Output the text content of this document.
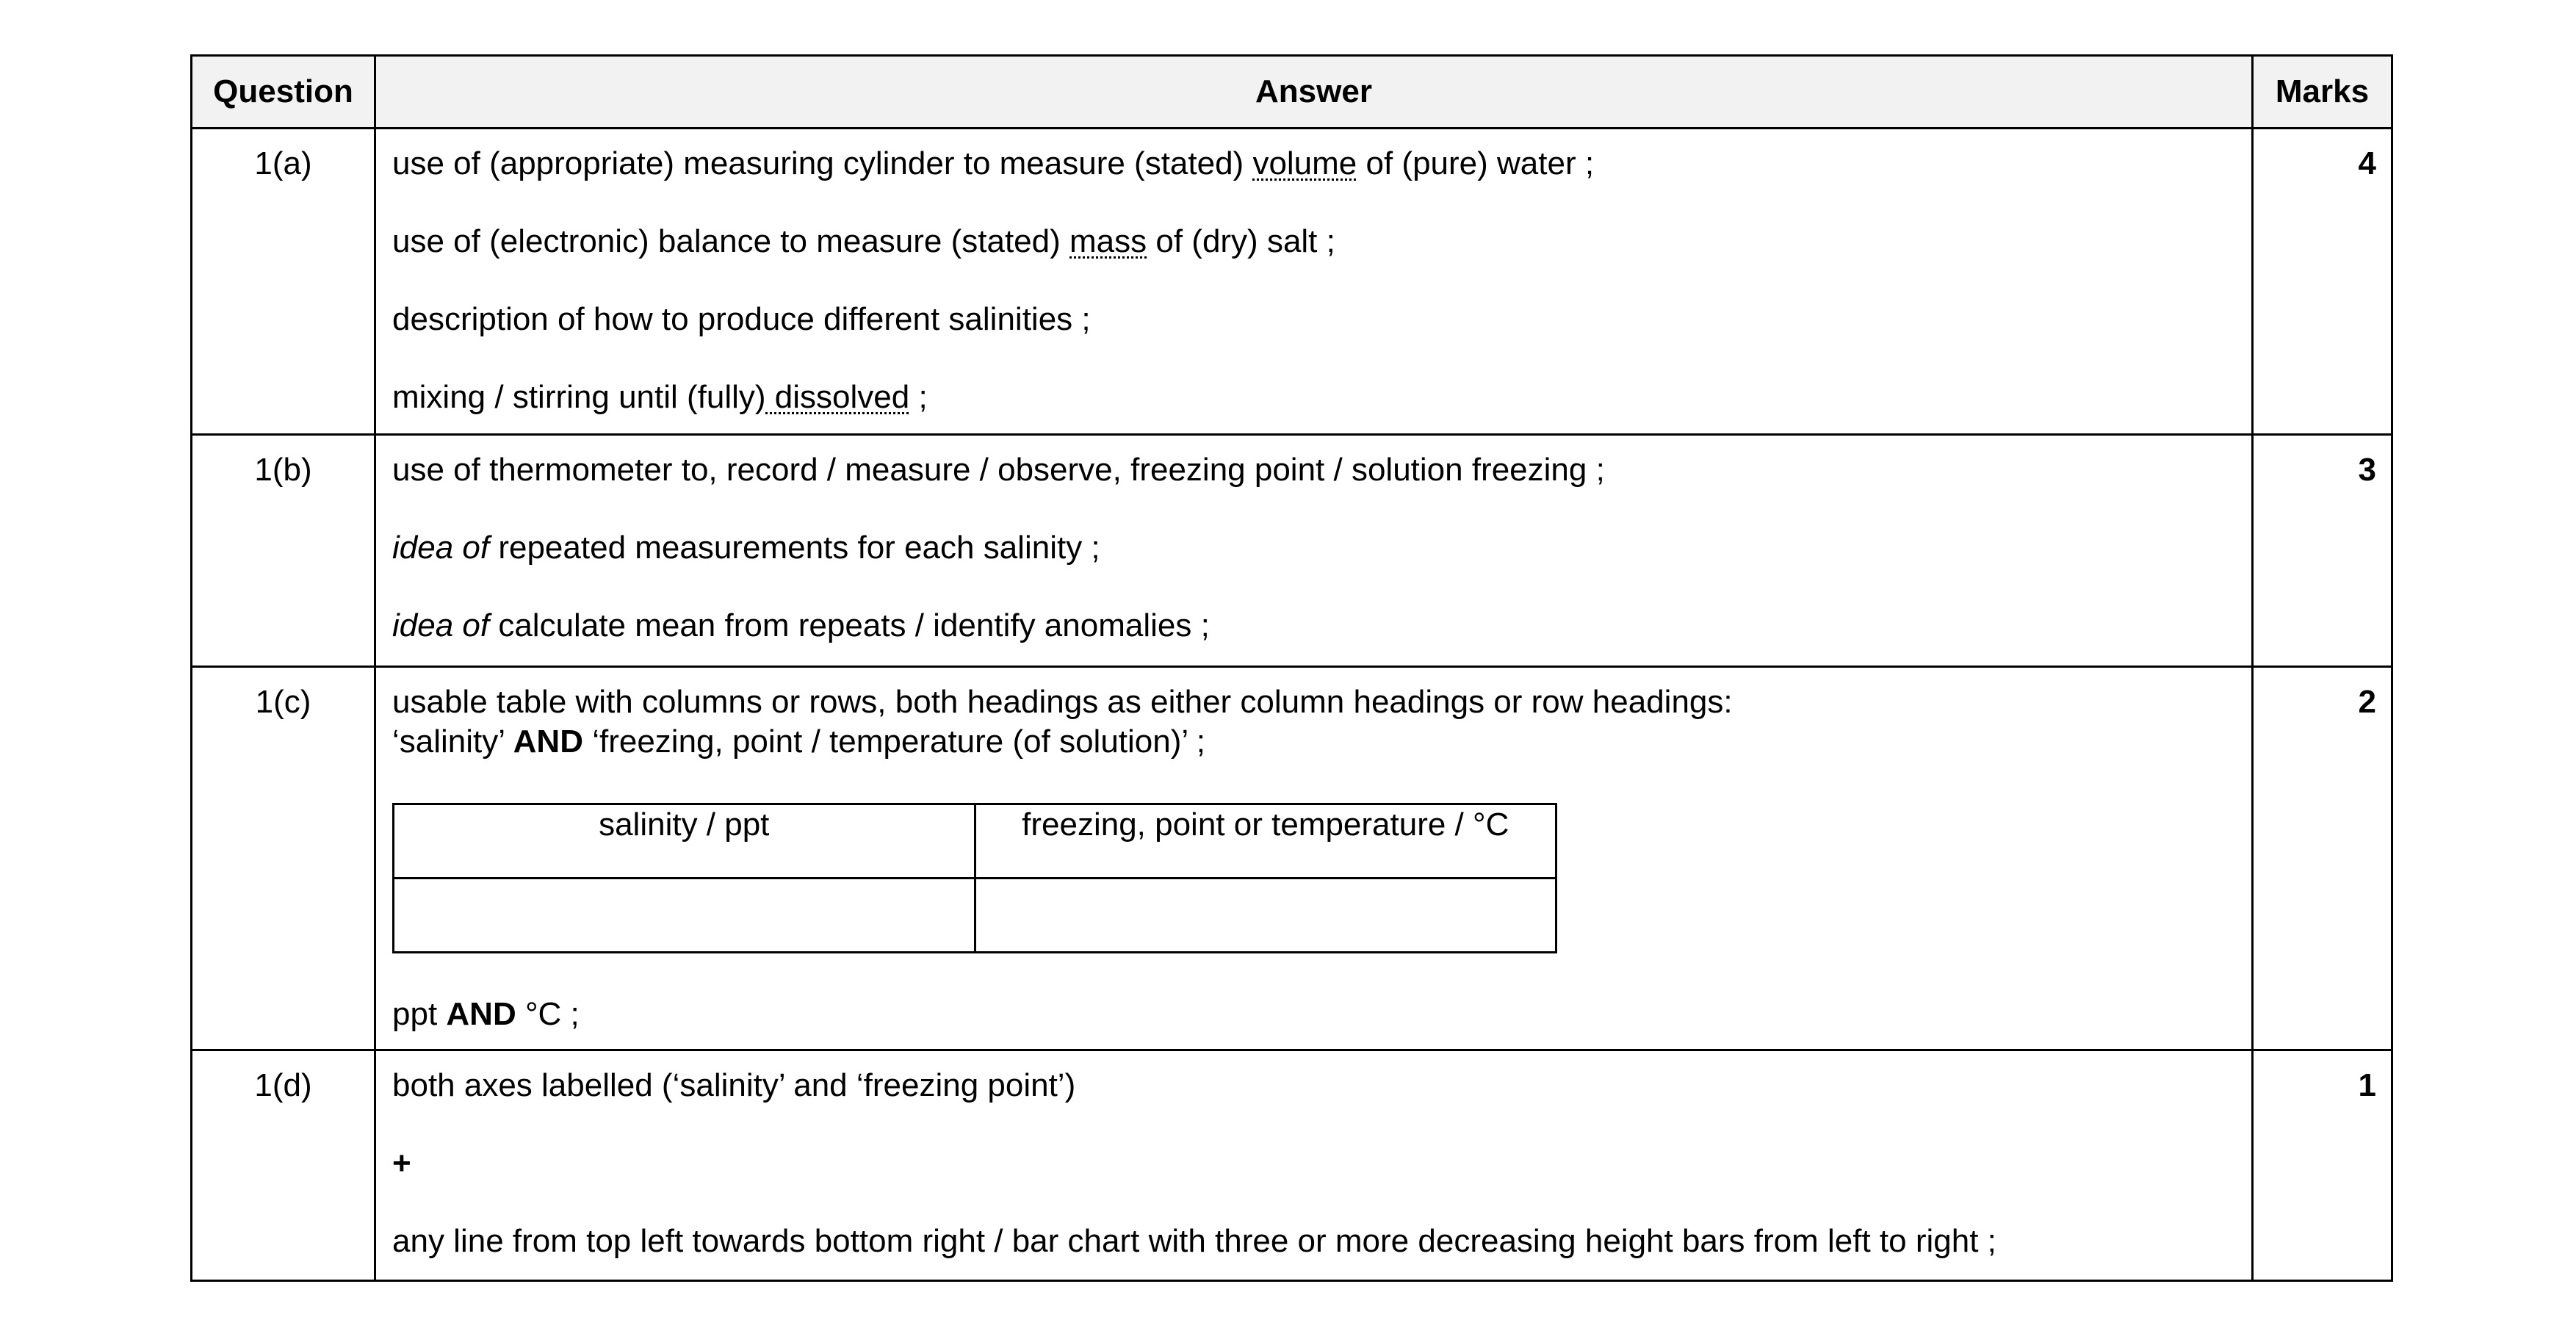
Question	Answer	Marks
1(a)	use of (appropriate) measuring cylinder to measure (stated) volume of (pure) water ;
use of (electronic) balance to measure (stated) mass of (dry) salt ;
description of how to produce different salinities ;
mixing / stirring until (fully) dissolved ;
	4
1(b)	use of thermometer to, record / measure / observe, freezing point / solution freezing ;
idea of repeated measurements for each salinity ;
idea of calculate mean from repeats / identify anomalies ;
	3
1(c)	usable table with columns or rows, both headings as either column headings or row headings:
‘salinity’ AND ‘freezing, point / temperature (of solution)’ ;
salinity / ppt	freezing, point or temperature / °C

ppt AND °C ;
	2
1(d)	both axes labelled (‘salinity’ and ‘freezing point’)
+
any line from top left towards bottom right / bar chart with three or more decreasing height bars from left to right ;
	1
